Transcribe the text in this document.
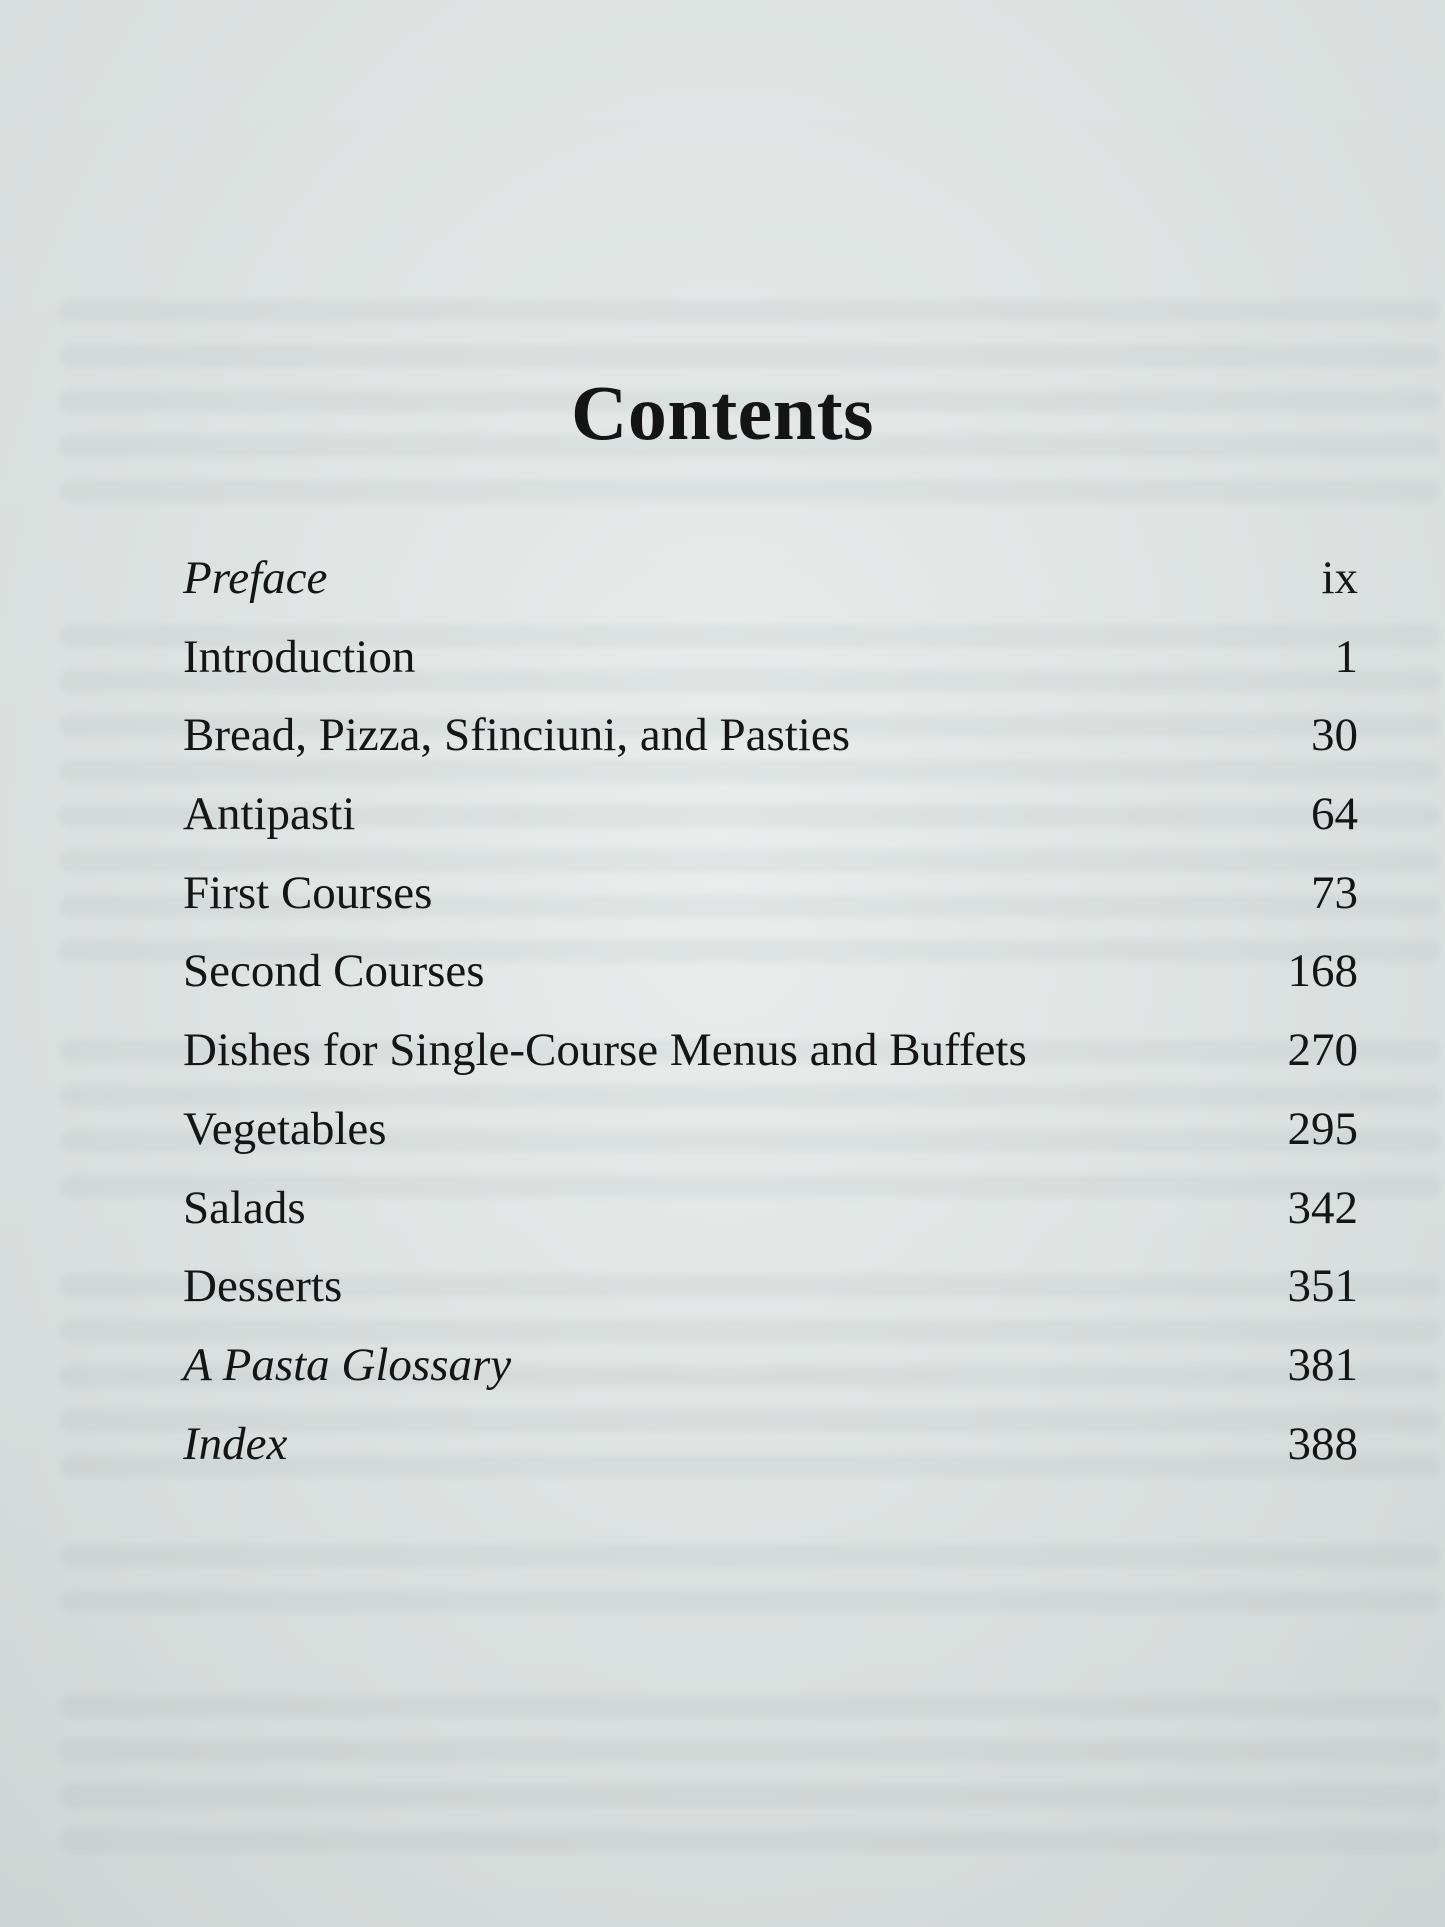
Contents
Preface	ix
Introduction	1
Bread, Pizza, Sfinciuni, and Pasties	30
Antipasti	64
First Courses	73
Second Courses	168
Dishes for Single-Course Menus and Buffets	270
Vegetables	295
Salads	342
Desserts	351
A Pasta Glossary	381
Index	388
